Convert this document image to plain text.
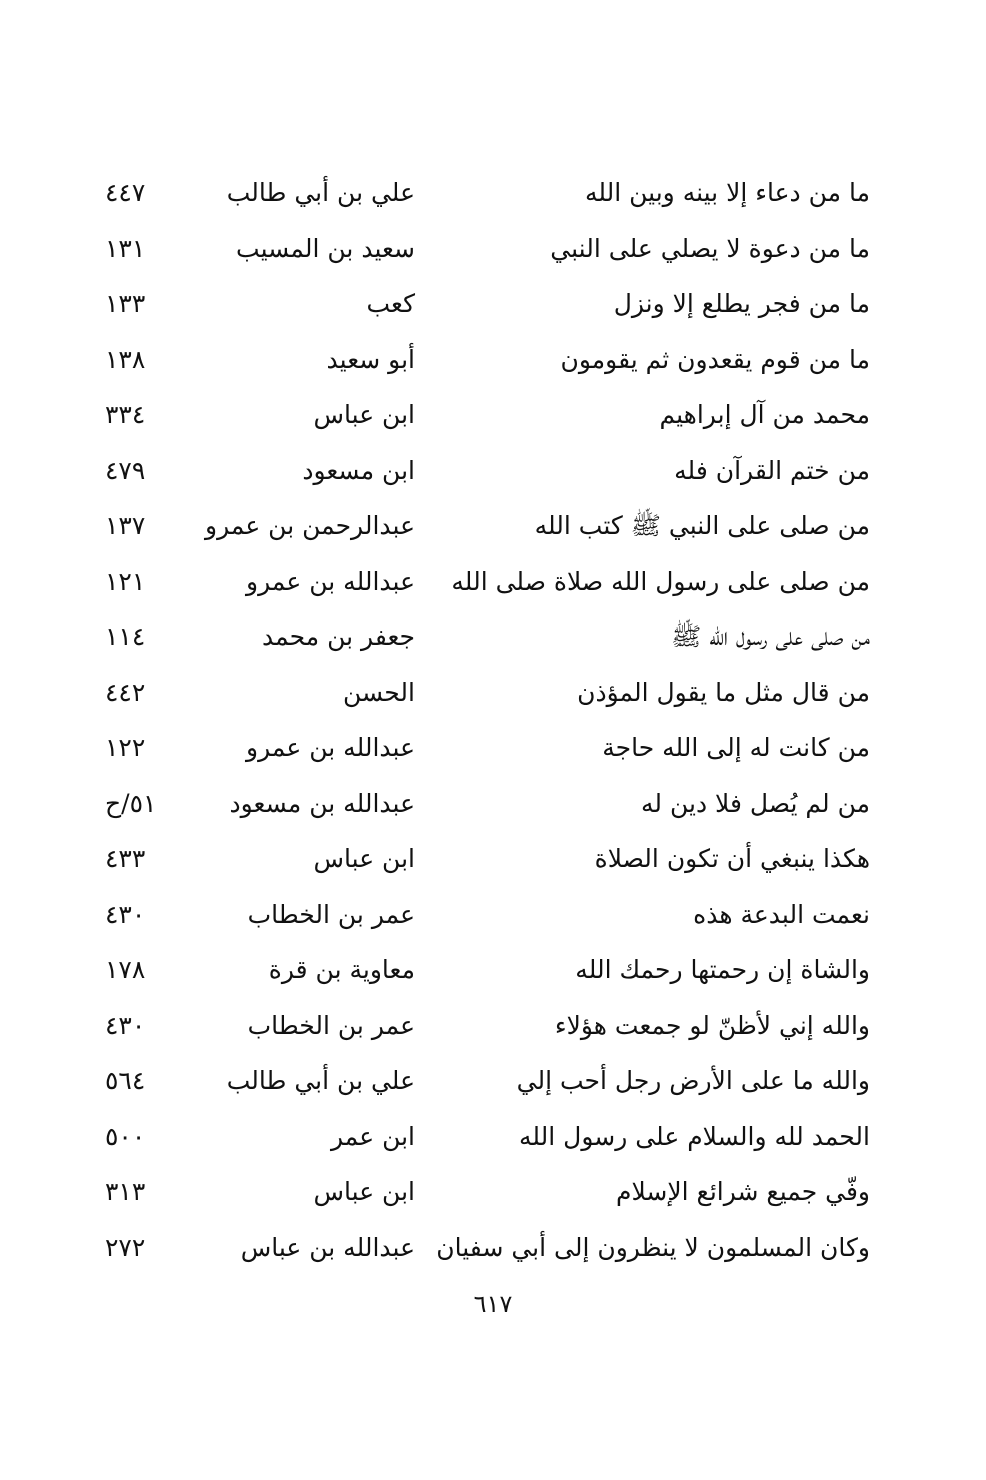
ما من دعاء إلا بينه وبين الله
علي بن أبي طالب
٤٤٧
ما من دعوة لا يصلي على النبي
سعيد بن المسيب
١٣١
ما من فجر يطلع إلا ونزل
كعب
١٣٣
ما من قوم يقعدون ثم يقومون
أبو سعيد
١٣٨
محمد من آل إبراهيم
ابن عباس
٣٣٤
من ختم القرآن فله
ابن مسعود
٤٧٩
من صلى على النبي ﷺ كتب الله
عبدالرحمن بن عمرو
١٣٧
من صلى على رسول الله صلاة صلى الله
عبدالله بن عمرو
١٢١
من صلى على رسول الله ﷺ
جعفر بن محمد
١١٤
من قال مثل ما يقول المؤذن
الحسن
٤٤٢
من كانت له إلى الله حاجة
عبدالله بن عمرو
١٢٢
من لم يُصل فلا دين له
عبدالله بن مسعود
٥١/ح
هكذا ينبغي أن تكون الصلاة
ابن عباس
٤٣٣
نعمت البدعة هذه
عمر بن الخطاب
٤٣٠
والشاة إن رحمتها رحمك الله
معاوية بن قرة
١٧٨
والله إني لأظنّ لو جمعت هؤلاء
عمر بن الخطاب
٤٣٠
والله ما على الأرض رجل أحب إلي
علي بن أبي طالب
٥٦٤
الحمد لله والسلام على رسول الله
ابن عمر
٥٠٠
وفّي جميع شرائع الإسلام
ابن عباس
٣١٣
وكان المسلمون لا ينظرون إلى أبي سفيان
عبدالله بن عباس
٢٧٢
٦١٧
